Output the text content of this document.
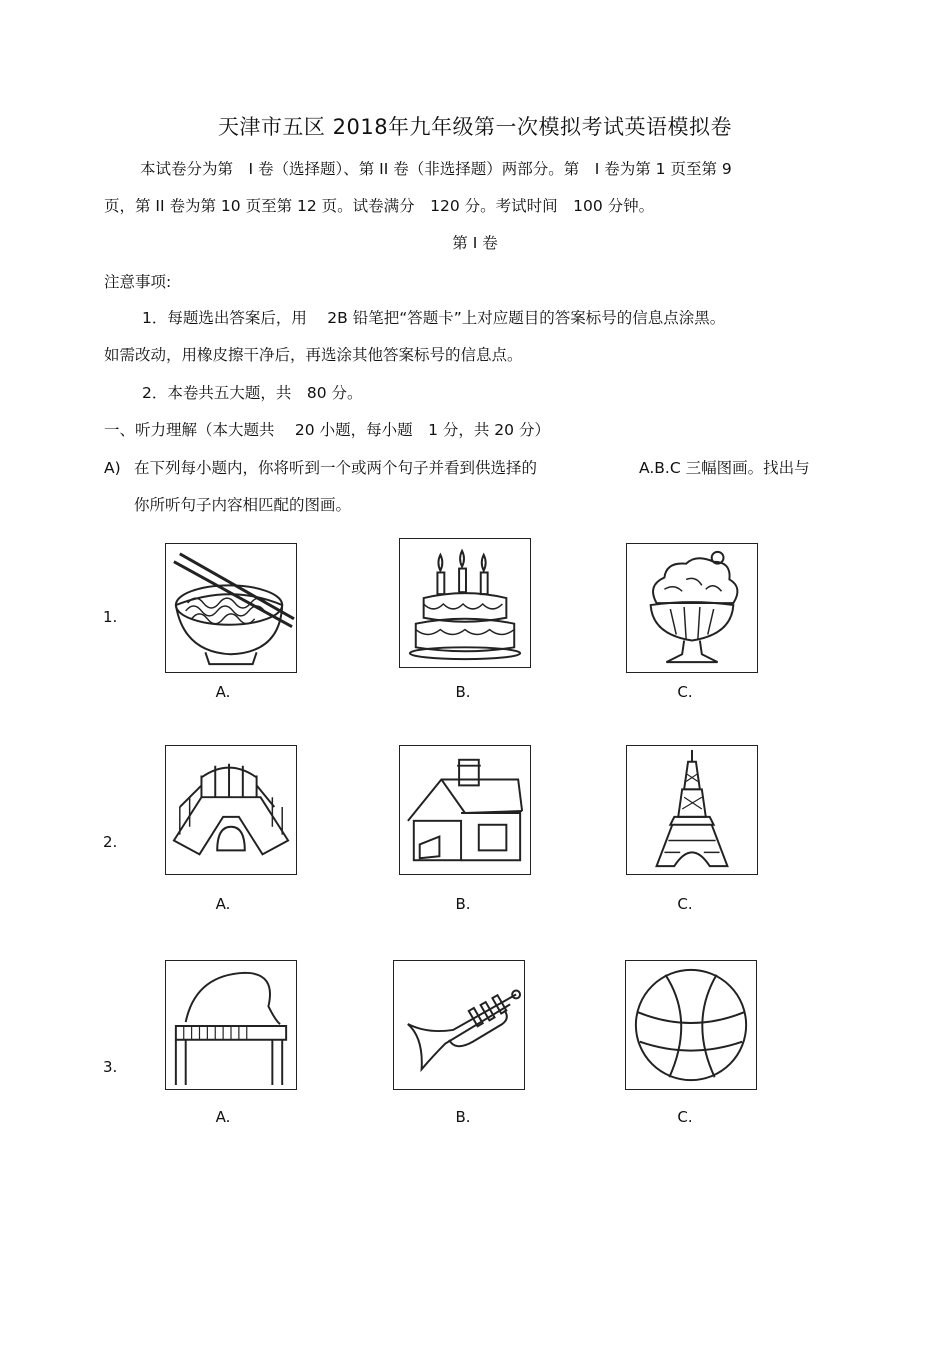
天津市五区 2018年九年级第一次模拟考试英语模拟卷
本试卷分为第　I 卷（选择题）、第 II 卷（非选择题）两部分。第　I 卷为第 1 页至第 9
页，第 II 卷为第 10 页至第 12 页。试卷满分　120 分。考试时间　100 分钟。
第 I 卷
注意事项:
1．每题选出答案后，用　 2B 铅笔把“答题卡”上对应题目的答案标号的信息点涂黑。
如需改动，用橡皮擦干净后，再选涂其他答案标号的信息点。
2．本卷共五大题，共　80 分。
一、听力理解（本大题共　 20 小题，每小题　1 分，共 20 分）
A) 在下列每小题内，你将听到一个或两个句子并看到供选择的	A.B.C 三幅图画。找出与
你所听句子内容相匹配的图画。
1.
A.	B.	C.
2.
A.	B.	C.
3.
A.	B.	C.
